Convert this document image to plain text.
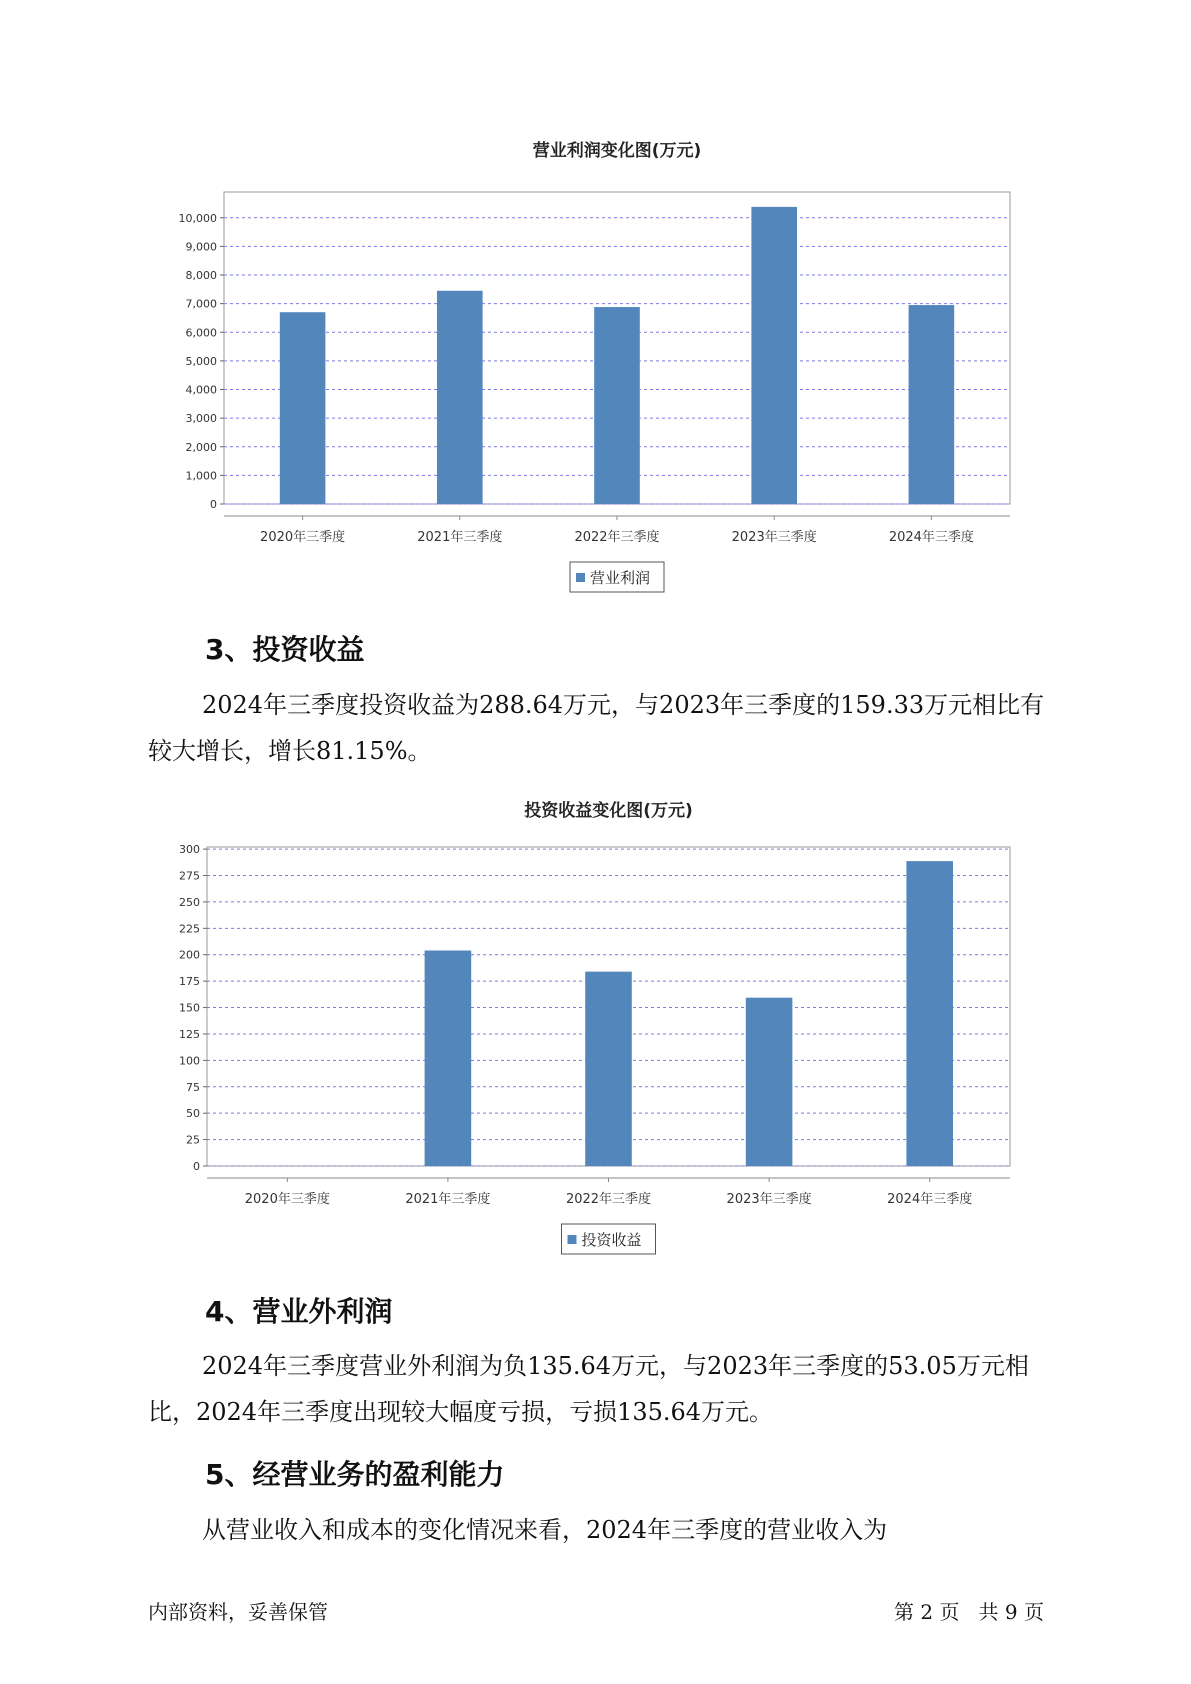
营业利润变化图(万元)
0
1,000
2,000
3,000
4,000
5,000
6,000
7,000
8,000
9,000
10,000
2020年三季度	2021年三季度	2022年三季度	2023年三季度	2024年三季度
营业利润
3、投资收益

2024年三季度投资收益为288.64万元，与2023年三季度的159.33万元相比有较大增长，增长81.15%。

投资收益变化图(万元)
0
25
50
75
100
125
150
175
200
225
250
275
300
2020年三季度	2021年三季度	2022年三季度	2023年三季度	2024年三季度
投资收益
4、营业外利润

2024年三季度营业外利润为负135.64万元，与2023年三季度的53.05万元相比，2024年三季度出现较大幅度亏损，亏损135.64万元。

5、经营业务的盈利能力

从营业收入和成本的变化情况来看，2024年三季度的营业收入为

内部资料，妥善保管	第 2 页   共 9 页
